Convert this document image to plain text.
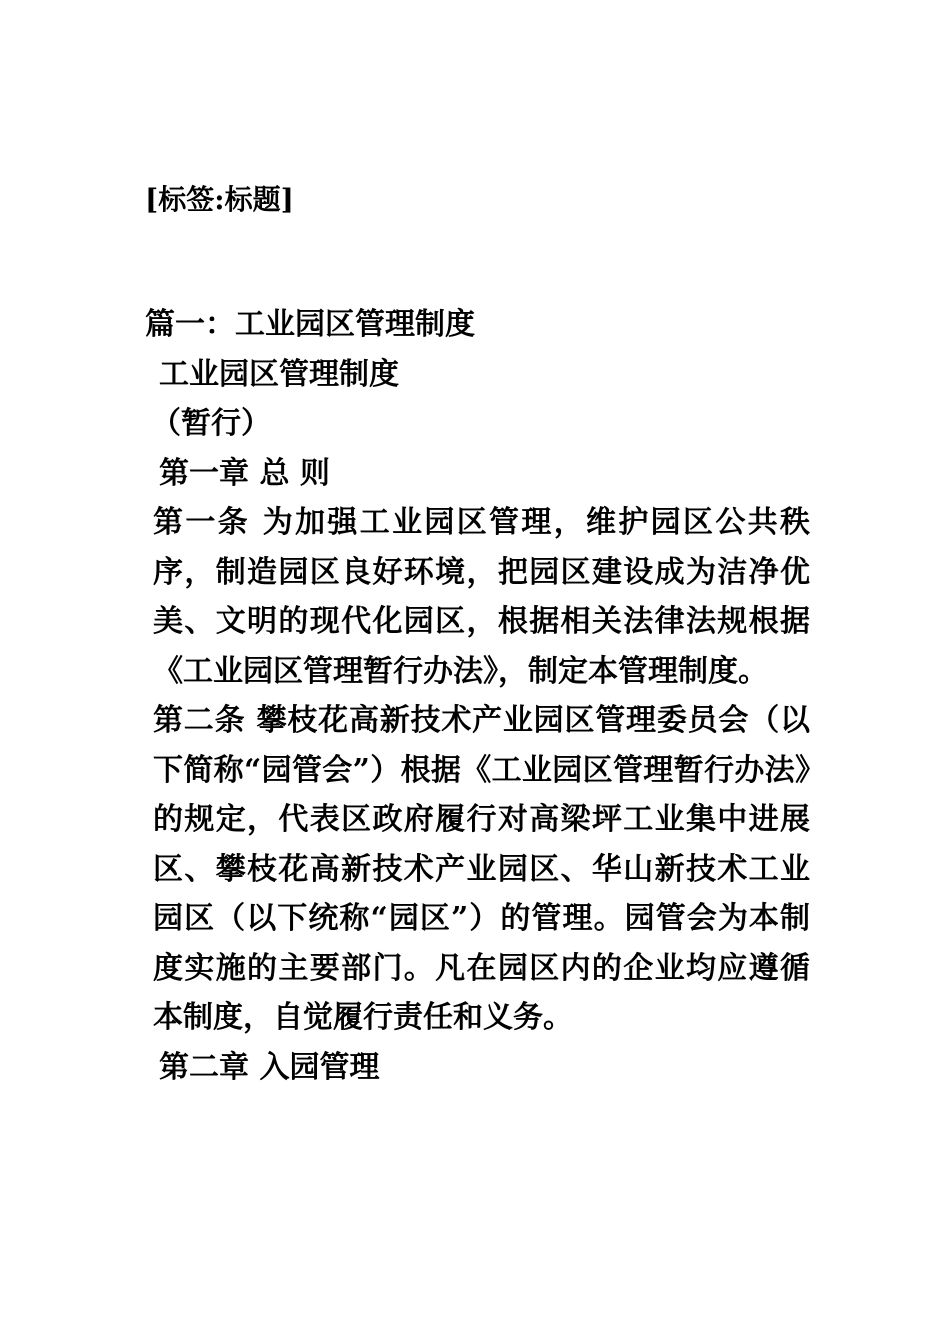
[标签:标题]
篇一：工业园区管理制度
工业园区管理制度
（暂行）
第一章 总 则
第一条 为加强工业园区管理，维护园区公共秩序，制造园区良好环境，把园区建设成为洁净优美、文明的现代化园区，根据相关法律法规根据《工业园区管理暂行办法》，制定本管理制度。
第二条 攀枝花高新技术产业园区管理委员会（以下简称“园管会”）根据《工业园区管理暂行办法》的规定，代表区政府履行对高梁坪工业集中进展区、攀枝花高新技术产业园区、华山新技术工业园区（以下统称“园区”）的管理。园管会为本制度实施的主要部门。凡在园区内的企业均应遵循本制度，自觉履行责任和义务。
第二章 入园管理
